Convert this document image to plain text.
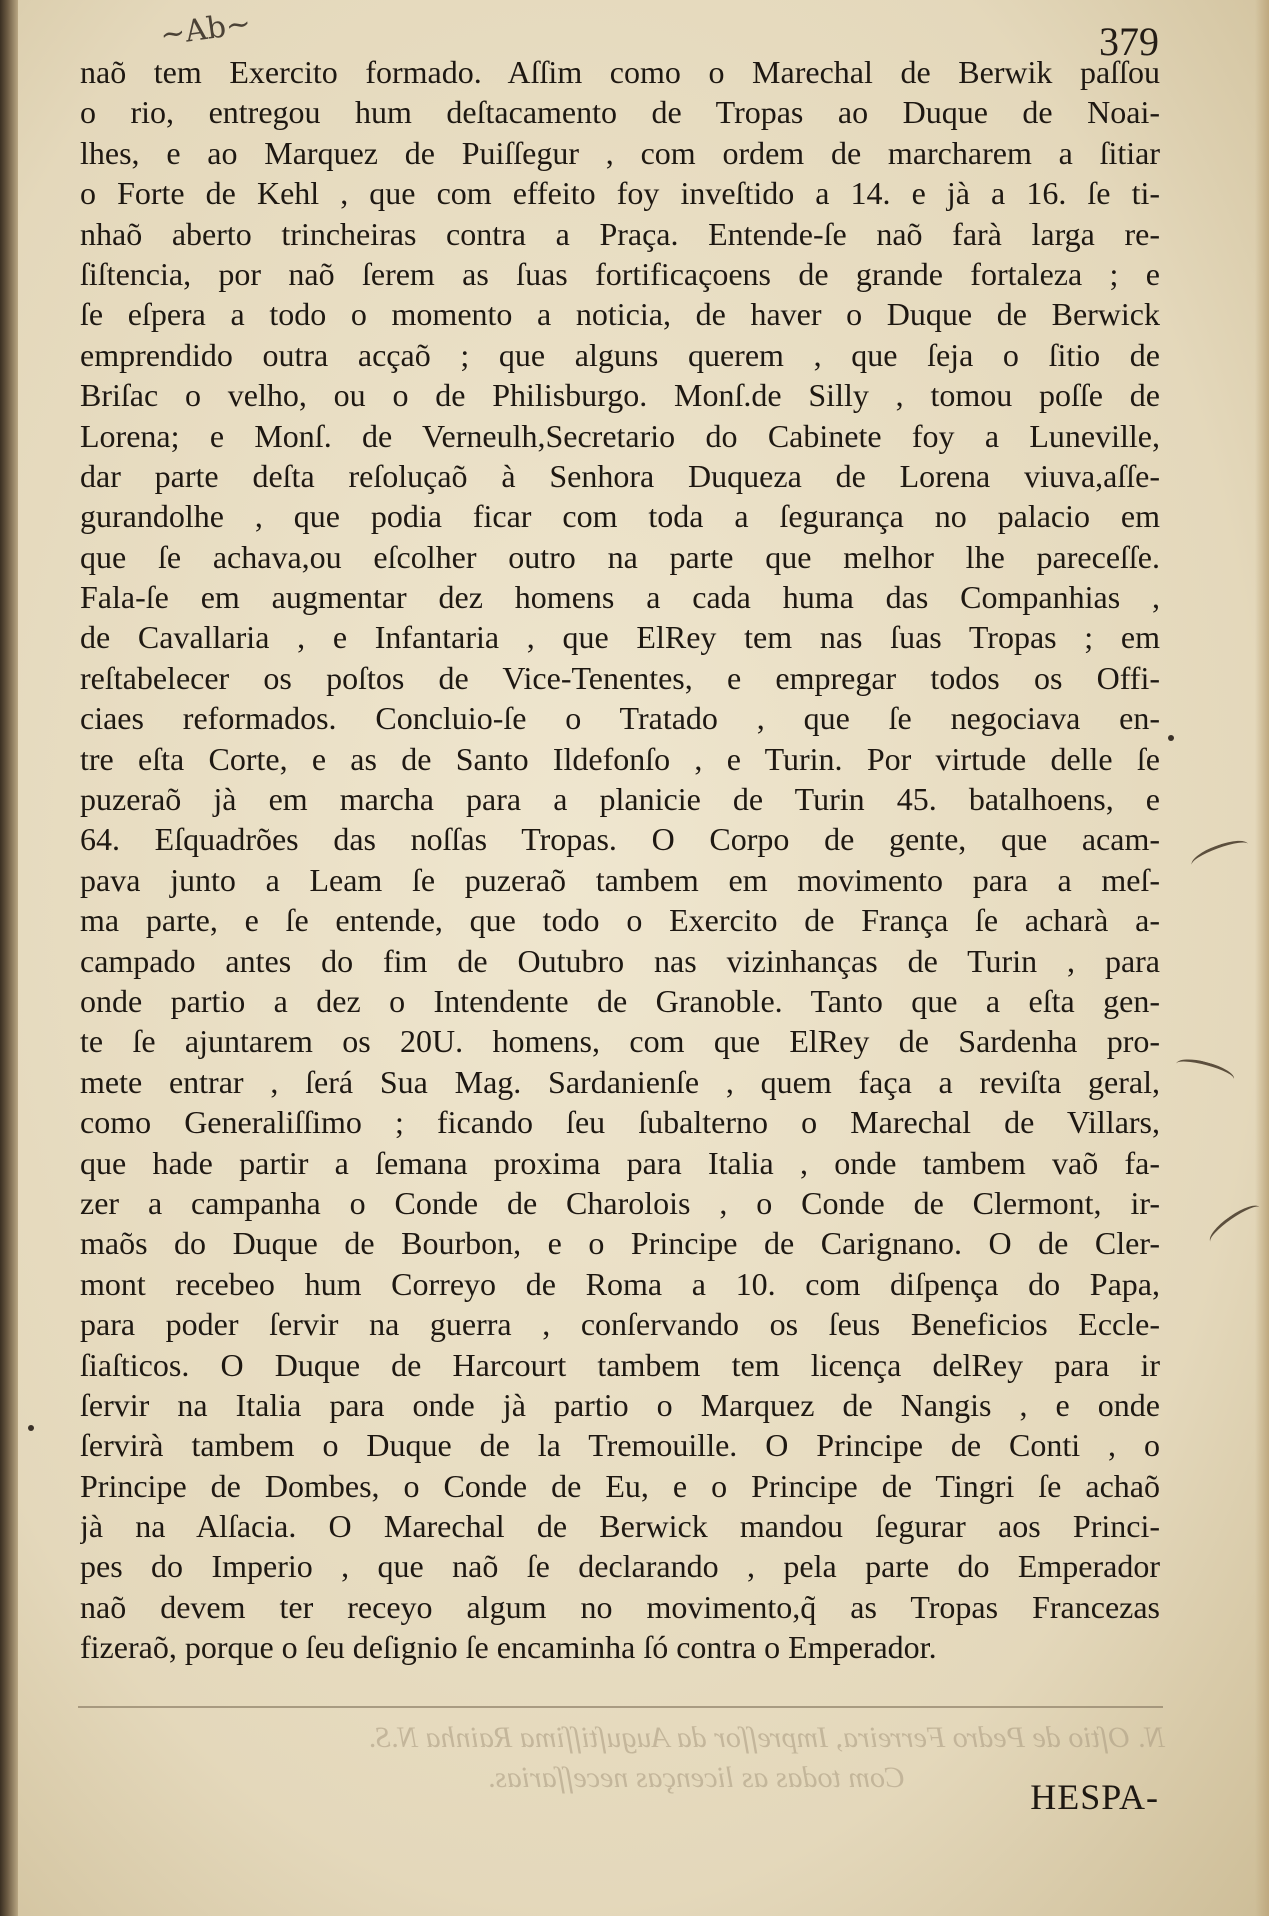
~Ab~	379
naõ tem Exercito formado. Aſſim como o Marechal de Berwik paſſou
o rio, entregou hum deſtacamento de Tropas ao Duque de Noai-
lhes, e ao Marquez de Puiſſegur , com ordem de marcharem a ſitiar
o Forte de Kehl , que com effeito foy inveſtido a 14. e jà a 16. ſe ti-
nhaõ aberto trincheiras contra a Praça. Entende-ſe naõ farà larga re-
ſiſtencia, por naõ ſerem as ſuas fortificaçoens de grande fortaleza ; e
ſe eſpera a todo o momento a noticia, de haver o Duque de Berwick
emprendido outra acçaõ ; que alguns querem , que ſeja o ſitio de
Briſac o velho, ou o de Philisburgo. Monſ.de Silly , tomou poſſe de
Lorena; e Monſ. de Verneulh,Secretario do Cabinete foy a Luneville,
dar parte deſta reſoluçaõ à Senhora Duqueza de Lorena viuva,aſſe-
gurandolhe , que podia ficar com toda a ſegurança no palacio em
que ſe achava,ou eſcolher outro na parte que melhor lhe pareceſſe.
Fala-ſe em augmentar dez homens a cada huma das Companhias ,
de Cavallaria , e Infantaria , que ElRey tem nas ſuas Tropas ; em
reſtabelecer os poſtos de Vice-Tenentes, e empregar todos os Offi-
ciaes reformados. Concluio-ſe o Tratado , que ſe negociava en-
tre eſta Corte, e as de Santo Ildefonſo , e Turin. Por virtude delle ſe
puzeraõ jà em marcha para a planicie de Turin 45. batalhoens, e
64. Eſquadrões das noſſas Tropas. O Corpo de gente, que acam-
pava junto a Leam ſe puzeraõ tambem em movimento para a meſ-
ma parte, e ſe entende, que todo o Exercito de França ſe acharà a-
campado antes do fim de Outubro nas vizinhanças de Turin , para
onde partio a dez o Intendente de Granoble. Tanto que a eſta gen-
te ſe ajuntarem os 20U. homens, com que ElRey de Sardenha pro-
mete entrar , ſerá Sua Mag. Sardanienſe , quem faça a reviſta geral,
como Generaliſſimo ; ficando ſeu ſubalterno o Marechal de Villars,
que hade partir a ſemana proxima para Italia , onde tambem vaõ fa-
zer a campanha o Conde de Charolois , o Conde de Clermont, ir-
maõs do Duque de Bourbon, e o Principe de Carignano. O de Cler-
mont recebeo hum Correyo de Roma a 10. com diſpença do Papa,
para poder ſervir na guerra , conſervando os ſeus Beneficios Eccle-
ſiaſticos. O Duque de Harcourt tambem tem licença delRey para ir
ſervir na Italia para onde jà partio o Marquez de Nangis , e onde
ſervirà tambem o Duque de la Tremouille. O Principe de Conti , o
Principe de Dombes, o Conde de Eu, e o Principe de Tingri ſe achaõ
jà na Alſacia. O Marechal de Berwick mandou ſegurar aos Princi-
pes do Imperio , que naõ ſe declarando , pela parte do Emperador
naõ devem ter receyo algum no movimento,q̃ as Tropas Francezas
fizeraõ, porque o ſeu deſignio ſe encaminha ſó contra o Emperador.
N. Oſtio de Pedro Ferreira, Impreſſor da Auguſtiſſima Rainha N.S.
Com todas as licenças neceſſarias.	HESPA-
